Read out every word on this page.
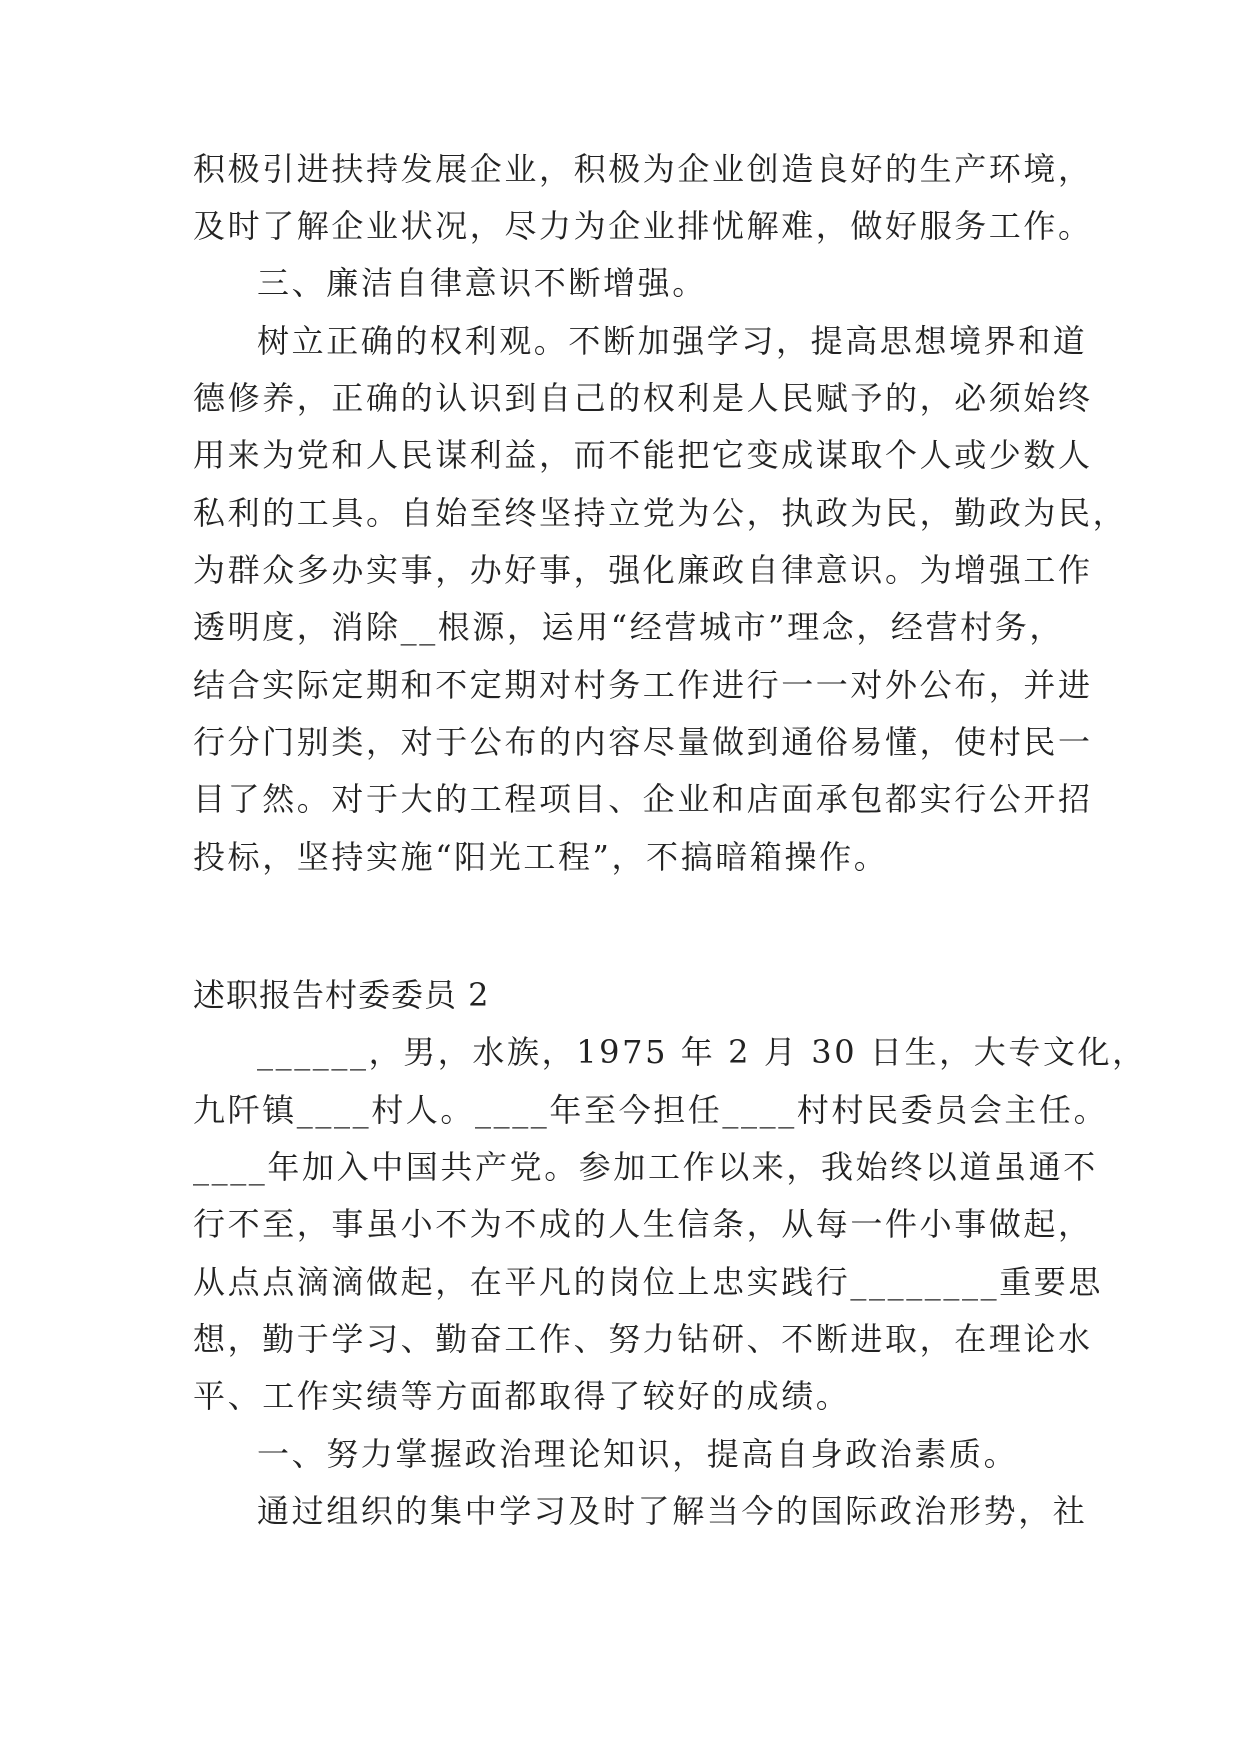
积极引进扶持发展企业，积极为企业创造良好的生产环境，
及时了解企业状况，尽力为企业排忧解难，做好服务工作。
三、廉洁自律意识不断增强。
树立正确的权利观。不断加强学习，提高思想境界和道
德修养，正确的认识到自己的权利是人民赋予的，必须始终
用来为党和人民谋利益，而不能把它变成谋取个人或少数人
私利的工具。自始至终坚持立党为公，执政为民，勤政为民，
为群众多办实事，办好事，强化廉政自律意识。为增强工作
透明度，消除__根源，运用“经营城市”理念，经营村务，
结合实际定期和不定期对村务工作进行一一对外公布，并进
行分门别类，对于公布的内容尽量做到通俗易懂，使村民一
目了然。对于大的工程项目、企业和店面承包都实行公开招
投标，坚持实施“阳光工程”，不搞暗箱操作。
述职报告村委委员 2
______，男，水族，1975 年 2 月 30 日生，大专文化，
九阡镇____村人。____年至今担任____村村民委员会主任。
____年加入中国共产党。参加工作以来，我始终以道虽通不
行不至，事虽小不为不成的人生信条，从每一件小事做起，
从点点滴滴做起，在平凡的岗位上忠实践行________重要思
想，勤于学习、勤奋工作、努力钻研、不断进取，在理论水
平、工作实绩等方面都取得了较好的成绩。
一、努力掌握政治理论知识，提高自身政治素质。
通过组织的集中学习及时了解当今的国际政治形势，社
